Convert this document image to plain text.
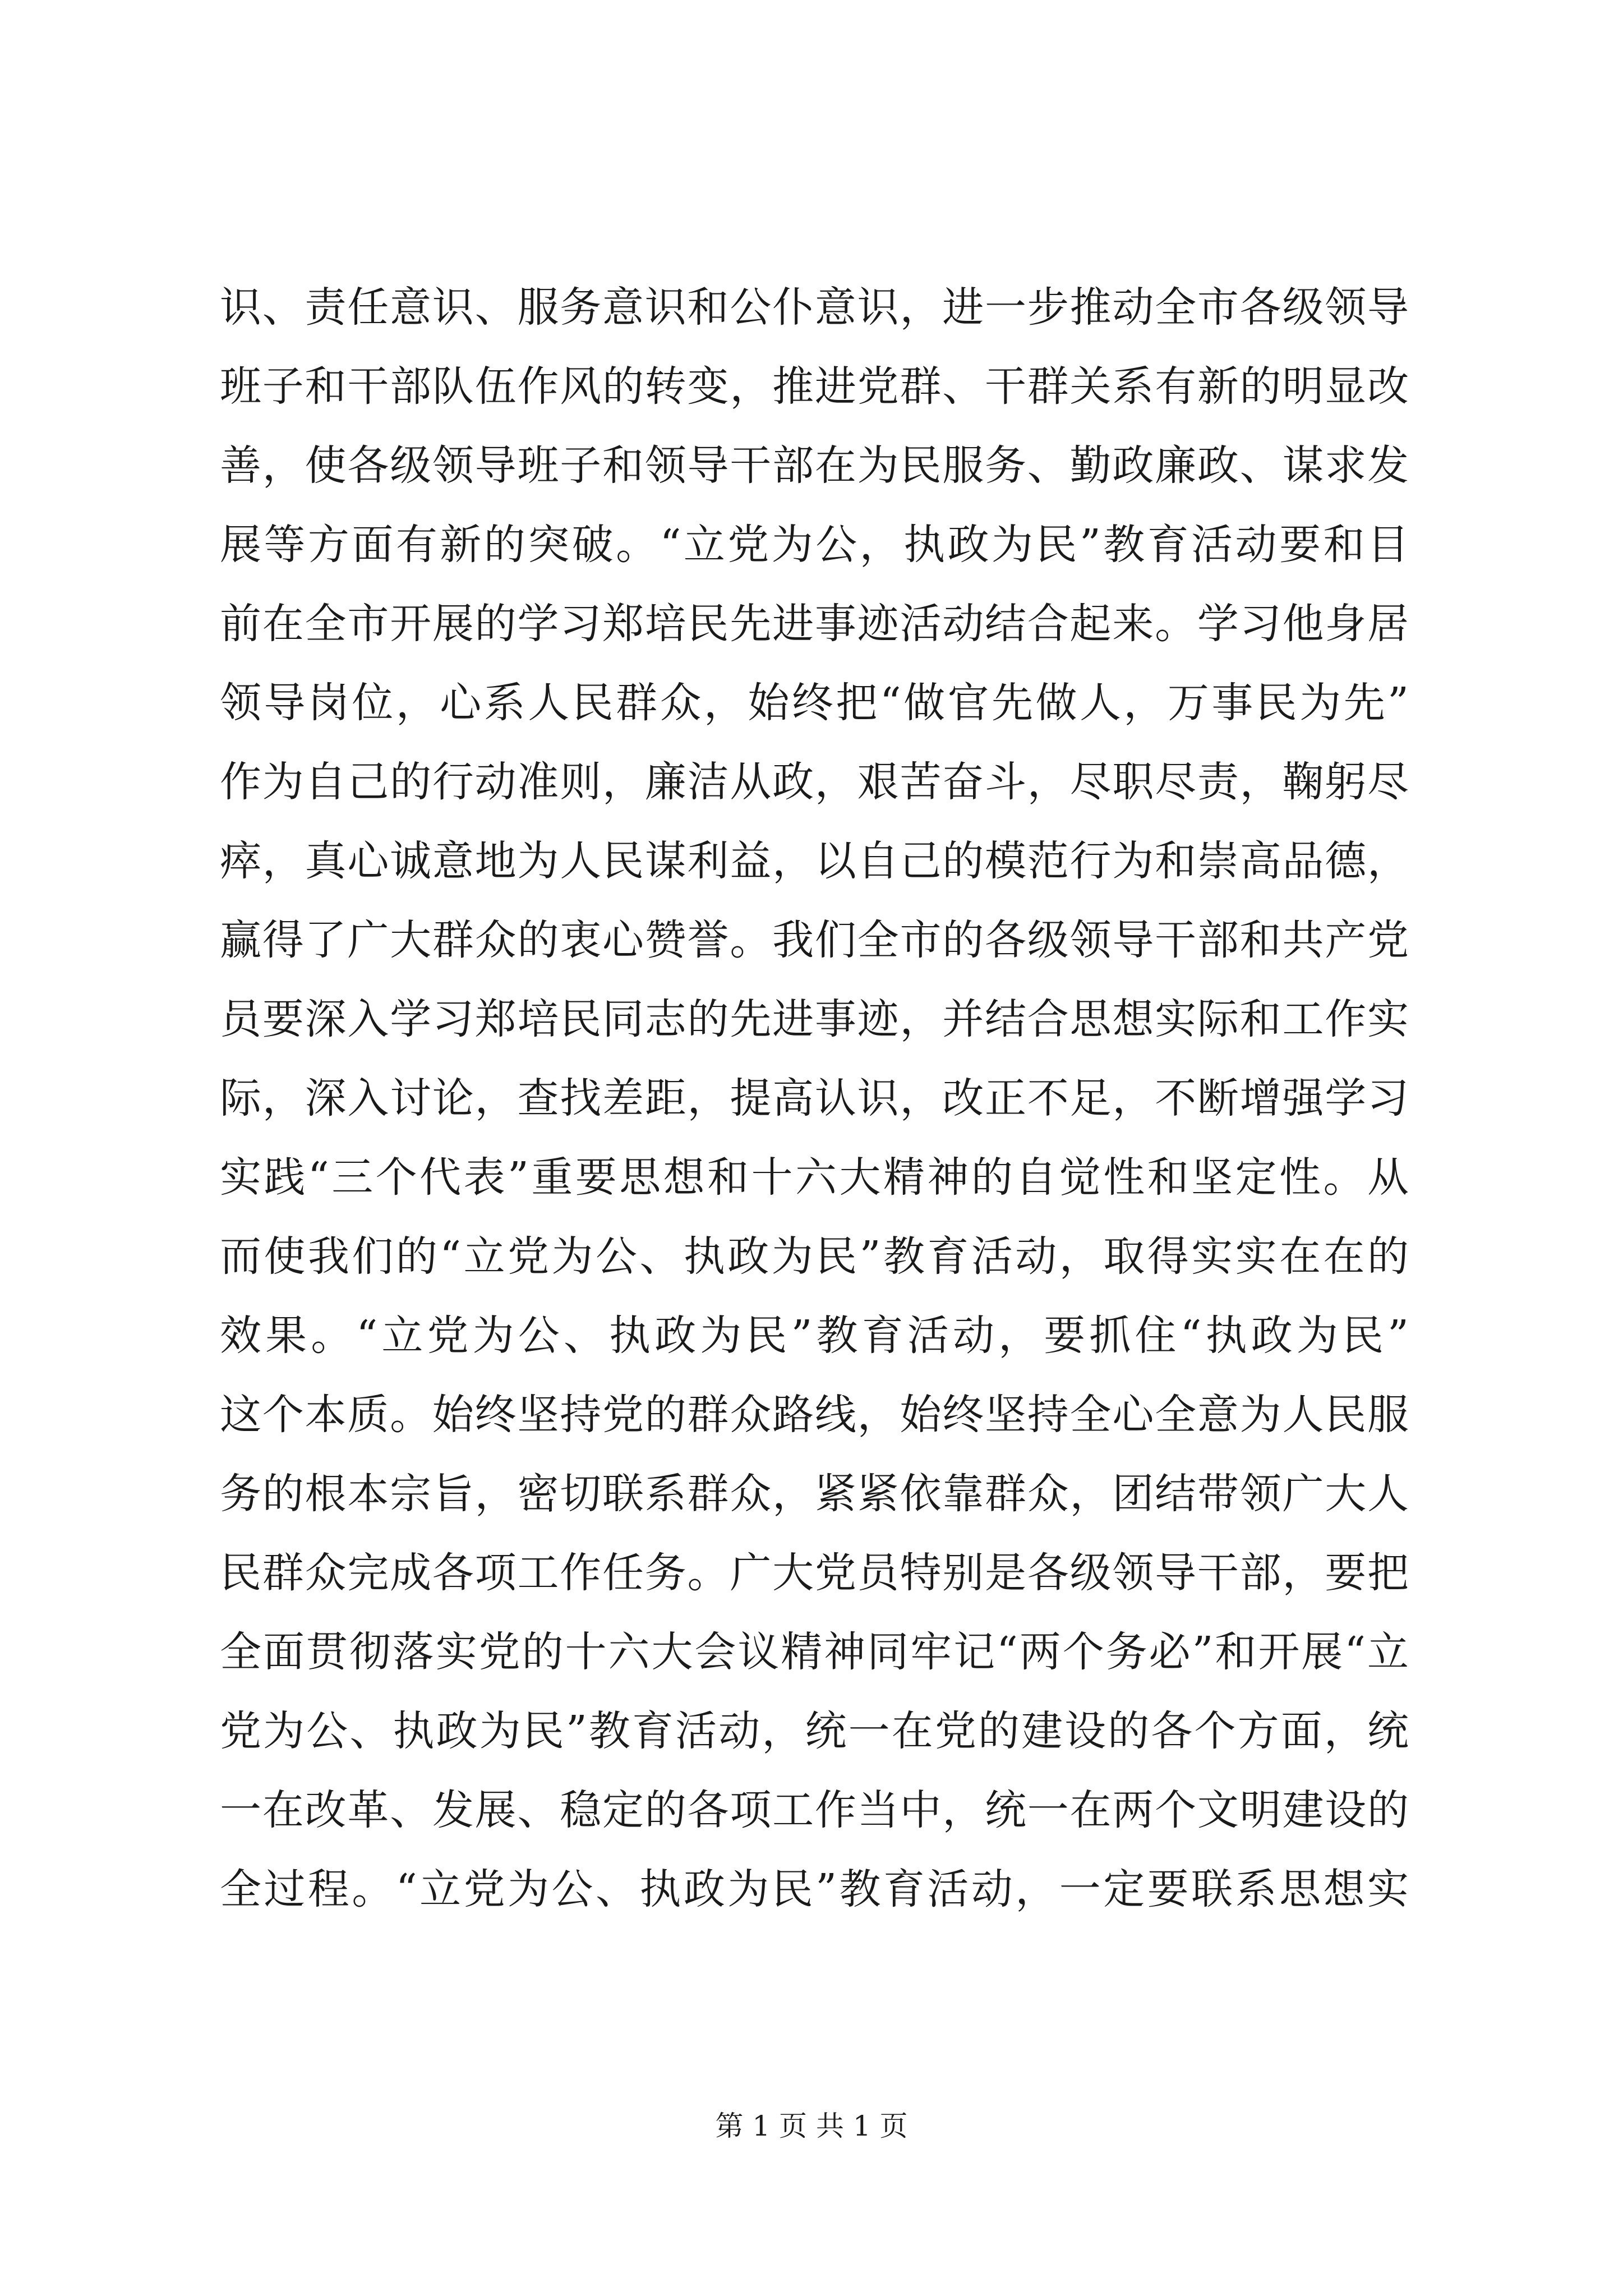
识、责任意识、服务意识和公仆意识，进一步推动全市各级领导
班子和干部队伍作风的转变，推进党群、干群关系有新的明显改
善，使各级领导班子和领导干部在为民服务、勤政廉政、谋求发
展等方面有新的突破。“立党为公，执政为民”教育活动要和目
前在全市开展的学习郑培民先进事迹活动结合起来。学习他身居
领导岗位，心系人民群众，始终把“做官先做人，万事民为先”
作为自己的行动准则，廉洁从政，艰苦奋斗，尽职尽责，鞠躬尽
瘁，真心诚意地为人民谋利益，以自己的模范行为和崇高品德，
赢得了广大群众的衷心赞誉。我们全市的各级领导干部和共产党
员要深入学习郑培民同志的先进事迹，并结合思想实际和工作实
际，深入讨论，查找差距，提高认识，改正不足，不断增强学习
实践“三个代表”重要思想和十六大精神的自觉性和坚定性。从
而使我们的“立党为公、执政为民”教育活动，取得实实在在的
效果。“立党为公、执政为民”教育活动，要抓住“执政为民”
这个本质。始终坚持党的群众路线，始终坚持全心全意为人民服
务的根本宗旨，密切联系群众，紧紧依靠群众，团结带领广大人
民群众完成各项工作任务。广大党员特别是各级领导干部，要把
全面贯彻落实党的十六大会议精神同牢记“两个务必”和开展“立
党为公、执政为民”教育活动，统一在党的建设的各个方面，统
一在改革、发展、稳定的各项工作当中，统一在两个文明建设的
全过程。“立党为公、执政为民”教育活动，一定要联系思想实
第 1 页 共 1 页
